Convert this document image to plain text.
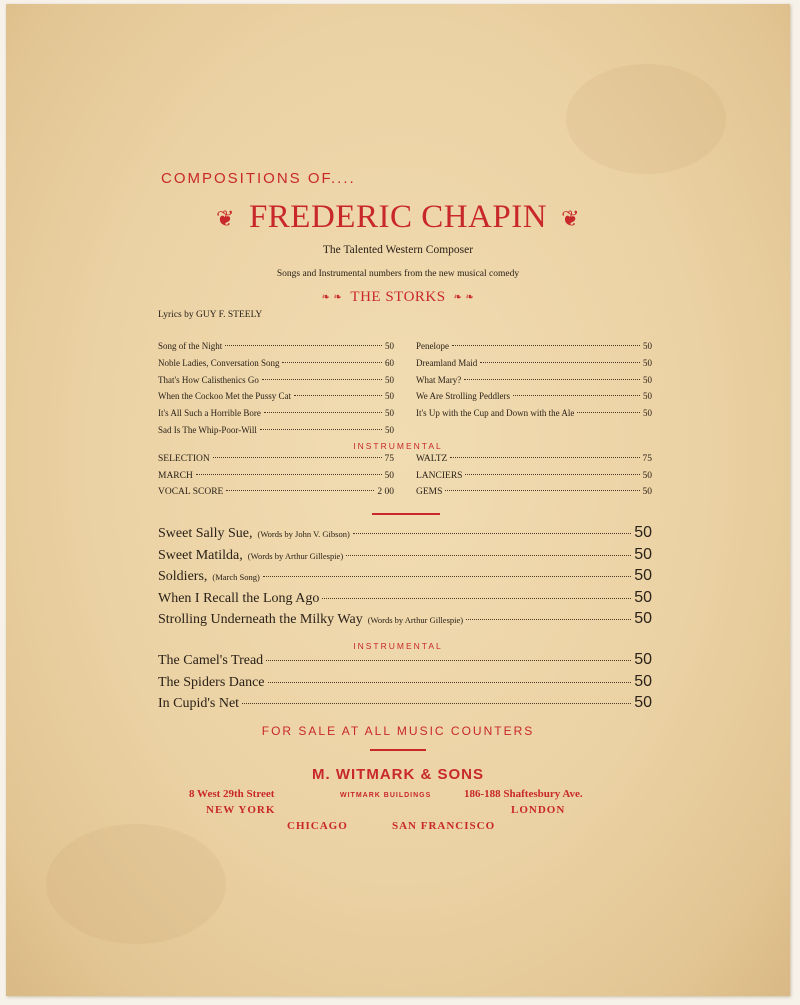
COMPOSITIONS OF....
❦ FREDERIC CHAPIN ❦
The Talented Western Composer
Songs and Instrumental numbers from the new musical comedy
❧ ❧ THE STORKS ❧ ❧
Lyrics by GUY F. STEELY
Song of the Night	50
Noble Ladies, Conversation Song	60
That's How Calisthenics Go	50
When the Cockoo Met the Pussy Cat	50
It's All Such a Horrible Bore	50
Sad Is The Whip-Poor-Will	50
Penelope	50
Dreamland Maid	50
What Mary?	50
We Are Strolling Peddlers	50
It's Up with the Cup and Down with the Ale	50
INSTRUMENTAL
SELECTION	75
MARCH	50
VOCAL SCORE	2 00
WALTZ	75
LANCIERS	50
GEMS	50
Sweet Sally Sue, (Words by John V. Gibson)	50
Sweet Matilda, (Words by Arthur Gillespie)	50
Soldiers, (March Song)	50
When I Recall the Long Ago	50
Strolling Underneath the Milky Way (Words by Arthur Gillespie)	50
INSTRUMENTAL
The Camel's Tread	50
The Spiders Dance	50
In Cupid's Net	50
FOR SALE AT ALL MUSIC COUNTERS
M. WITMARK & SONS
8 West 29th Street	WITMARK BUILDINGS	186-188 Shaftesbury Ave.
NEW YORK	LONDON
CHICAGO	SAN FRANCISCO
